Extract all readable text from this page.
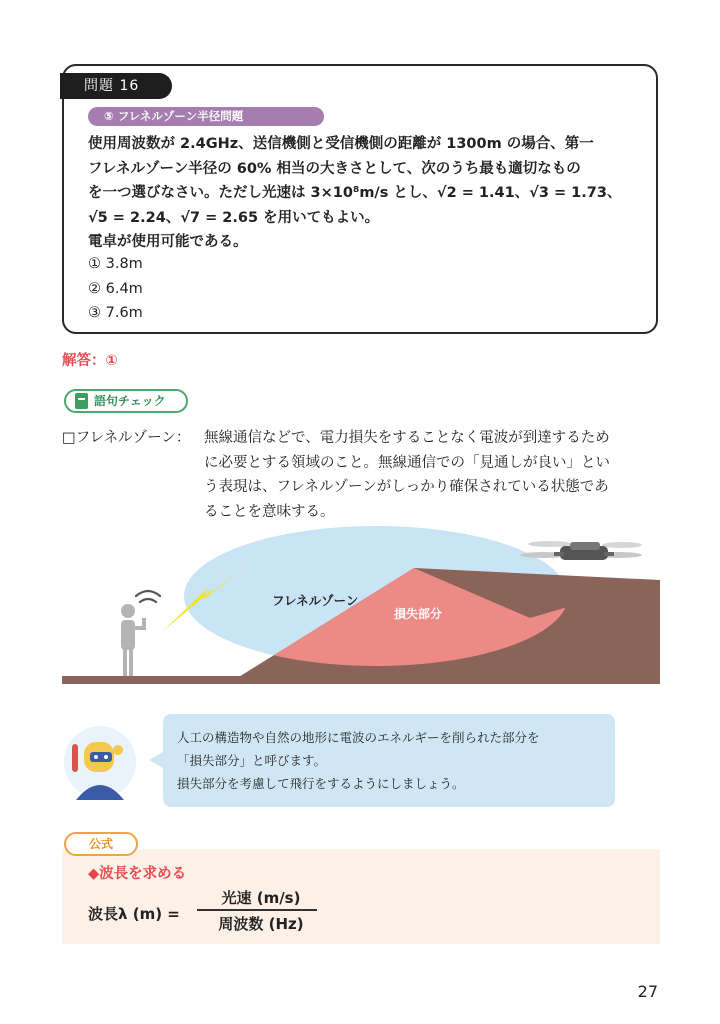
問題 16
⑤ フレネルゾーン半径問題
使用周波数が 2.4GHz、送信機側と受信機側の距離が 1300m の場合、第一
フレネルゾーン半径の 60% 相当の大きさとして、次のうち最も適切なもの
を一つ選びなさい。ただし光速は 3×10⁸m/s とし、√2 = 1.41、√3 = 1.73、
√5 = 2.24、√7 = 2.65 を用いてもよい。
電卓が使用可能である。
① 3.8m
② 6.4m
③ 7.6m
解答：①
語句チェック
□フレネルゾーン： 無線通信などで、電力損失をすることなく電波が到達するため
に必要とする領域のこと。無線通信での「見通しが良い」とい
う表現は、フレネルゾーンがしっかり確保されている状態であ
ることを意味する。
フレネルゾーン
損失部分
人工の構造物や自然の地形に電波のエネルギーを削られた部分を
「損失部分」と呼びます。
損失部分を考慮して飛行をするようにしましょう。
公式
◆波長を求める
波長λ (m) =
光速 (m/s)
周波数 (Hz)
27
